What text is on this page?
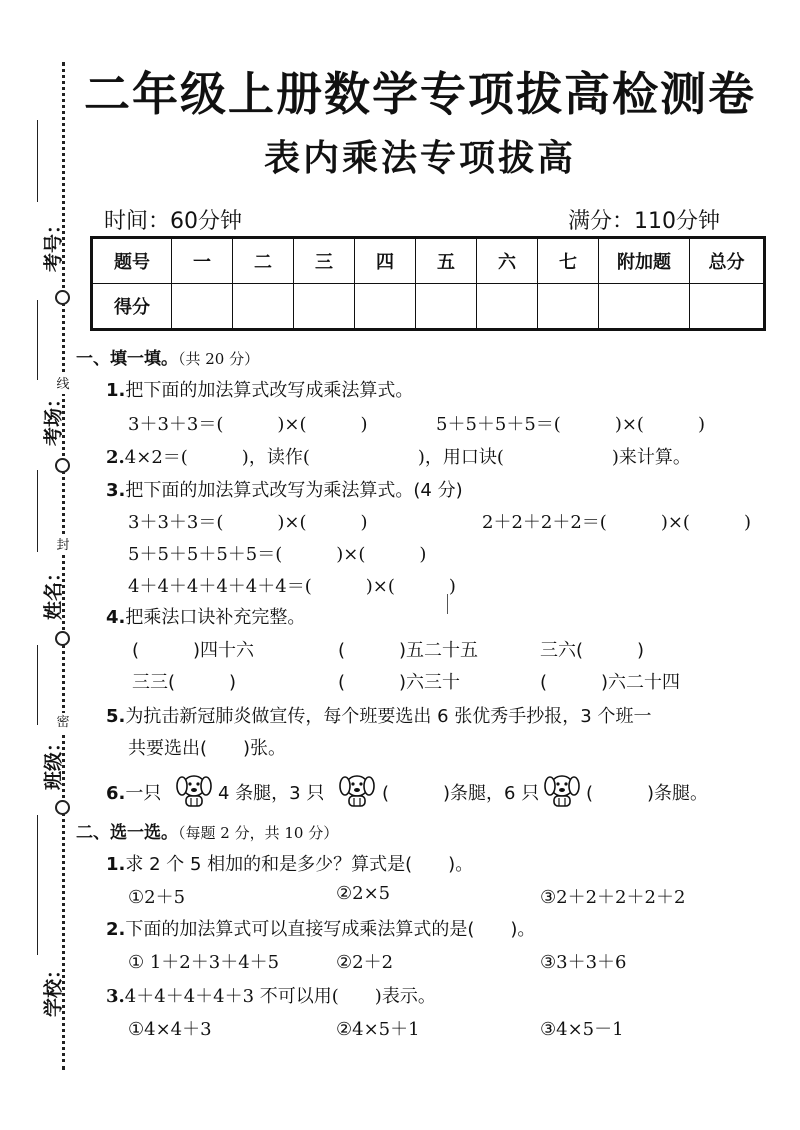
线
封
密
考号：
考场：
姓名：
班级：
学校：
二年级上册数学专项拔高检测卷
表内乘法专项拔高
时间：60分钟	满分：110分钟
题号	一	二	三	四	五	六	七	附加题	总分
得分									
一、填一填。（共 20 分）
1.把下面的加法算式改写成乘法算式。
3＋3＋3＝(　　　)×(　　　)	5＋5＋5＋5＝(　　　)×(　　　)
2.4×2＝(　　　)，读作(　　　　　　)，用口诀(　　　　　　)来计算。
3.把下面的加法算式改写为乘法算式。(4 分)
3＋3＋3＝(　　　)×(　　　)	2＋2＋2＋2＝(　　　)×(　　　)
5＋5＋5＋5＋5＝(　　　)×(　　　)
4＋4＋4＋4＋4＋4＝(　　　)×(　　　)
4.把乘法口诀补充完整。
(　　　)四十六	(　　　)五二十五	三六(　　　)
三三(　　　)	(　　　)六三十	(　　　)六二十四
5.为抗击新冠肺炎做宣传，每个班要选出 6 张优秀手抄报，3 个班一
共要选出(　　)张。
6.一只	4 条腿，3 只	(　　　)条腿，6 只	(　　　)条腿。
二、选一选。（每题 2 分，共 10 分）
1.求 2 个 5 相加的和是多少？算式是(　　)。
①2＋5	②2×5	③2＋2＋2＋2＋2
2.下面的加法算式可以直接写成乘法算式的是(　　)。
① 1＋2＋3＋4＋5	②2＋2	③3＋3＋6
3.4＋4＋4＋4＋3 不可以用(　　)表示。
①4×4＋3	②4×5＋1	③4×5－1
